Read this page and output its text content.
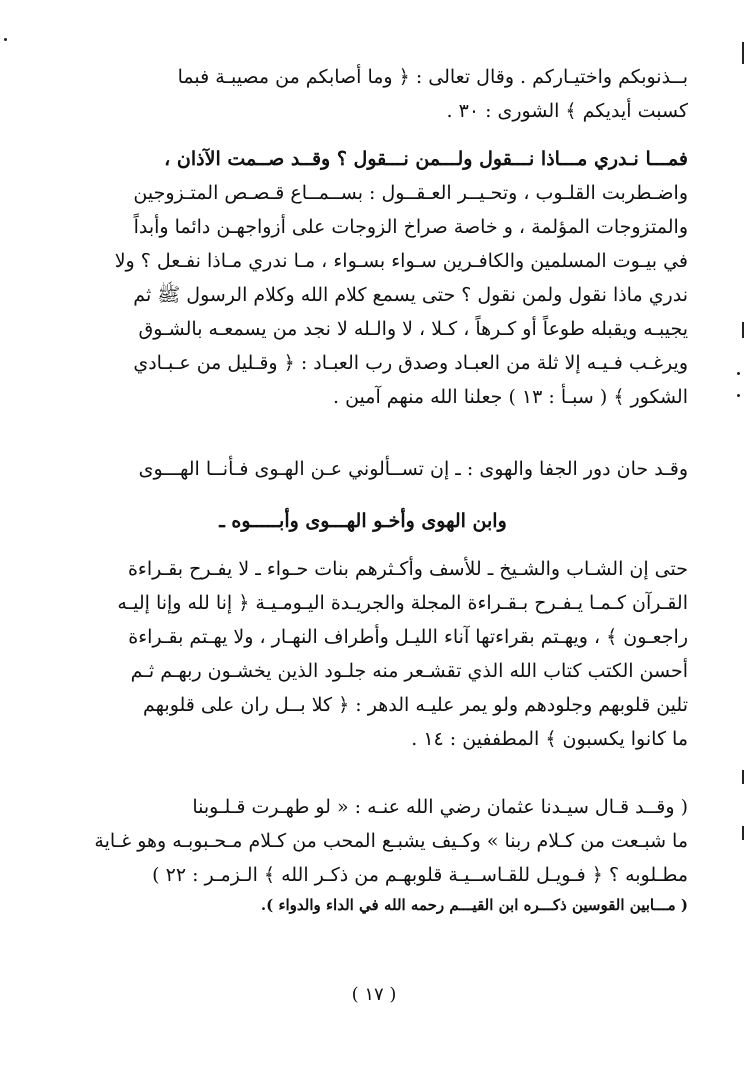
بــذنوبكم واختيـاركم . وقال تعالى : ﴿ وما أصابكم من مصيبـة فبما
كسبت أيديكم ﴾ الشورى : ٣٠ .
فمـــا نـدري مـــاذا نـــقول ولـــمن نـــقول ؟ وقــد صــمت الآذان ،
واضـطربت القلـوب ، وتحـيــر العـقــول : بســمــاع قـصـص المتـزوجين
والمتزوجات المؤلمة ، و خاصة صراخ الزوجات على أزواجهـن دائما وأبداً
في بيـوت المسلمين والكافـرين سـواء بسـواء ، مـا ندري مـاذا نفـعل ؟ ولا
ندري ماذا نقول ولمن نقول ؟ حتى يسمع كلام الله وكلام الرسول ﷺ ثم
يجيبـه ويقبله طوعاً أو كـرهاً ، كـلا ، لا والـله لا نجد من يسمعـه بالشـوق
ويرغـب فـيـه إلا ثلة من العبـاد وصدق رب العبـاد : ﴿ وقـليل من عـبـادي
الشكور ﴾ ( سبـأ : ١٣ ) جعلنا الله منهم آمين .
وقـد حان دور الجفا والهوى : ـ إن تســألوني عـن الهـوى فـأنــا الهـــوى
وابن الهوى وأخـو الهـــوى وأبـــــوه ـ
حتى إن الشـاب والشـيخ ـ للأسف وأكـثرهم بنات حـواء ـ لا يفـرح بقـراءة
القـرآن كـمـا يـفـرح بـقـراءة المجلة والجريـدة اليـومـيـة ﴿ إنا لله وإنا إليـه
راجعـون ﴾ ، ويهـتم بقراءتها آناء الليـل وأطراف النهـار ، ولا يهـتم بقـراءة
أحسن الكتب كتاب الله الذي تقشـعر منه جلـود الذين يخشـون ربهـم ثـم
تلين قلوبهم وجلودهم ولو يمر عليـه الدهر : ﴿ كلا بــل ران على قلوبهم
ما كانوا يكسبون ﴾ المطففين : ١٤ .
( وقــد قـال سيـدنا عثمان رضي الله عنـه : « لو طهـرت قـلـوبنا
ما شبـعت من كـلام ربنا » وكـيف يشبـع المحب من كـلام مـحـبوبـه وهو غـاية
مطـلوبه ؟ ﴿ فـويـل للقـاســيـة قلوبهـم من ذكـر الله ﴾ الـزمـر : ٢٢ )
( مـــابين القوسين ذكـــره ابن القيـــم رحمه الله في الداء والدواء ).
( ١٧ )
